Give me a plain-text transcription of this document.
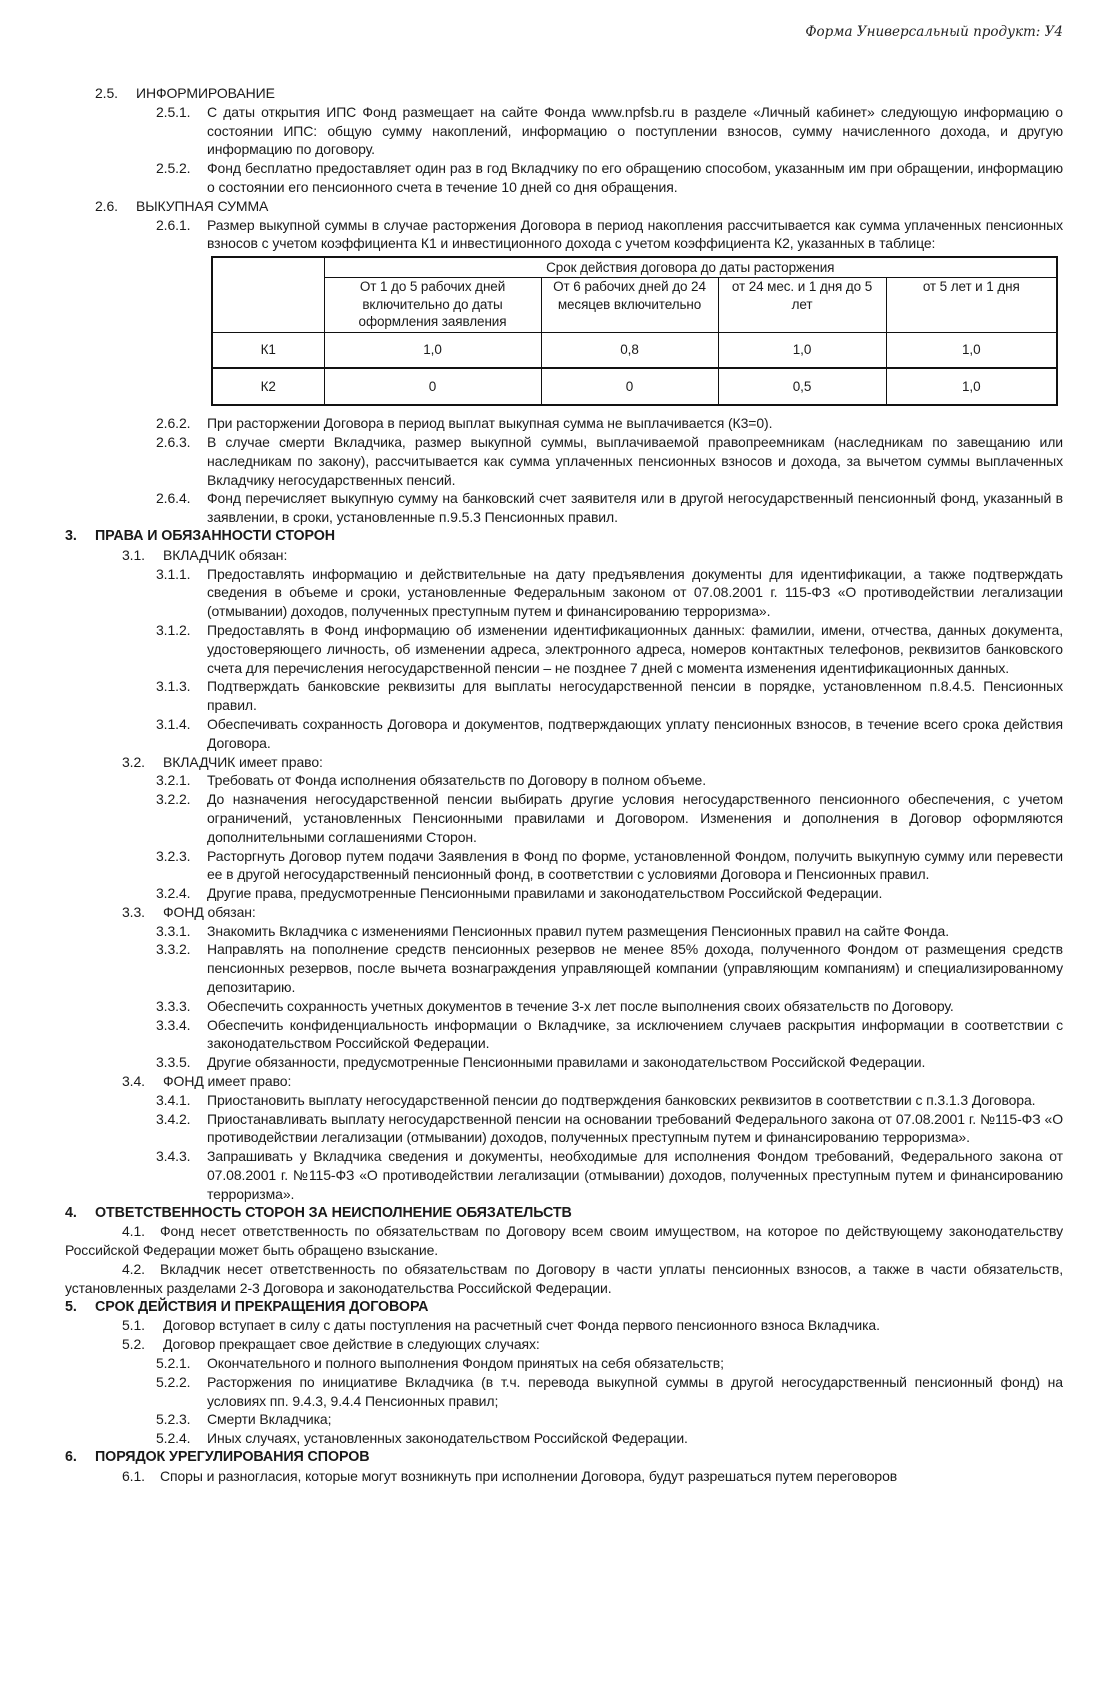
Форма Универсальный продукт: У4
2.5. ИНФОРМИРОВАНИЕ
2.5.1. С даты открытия ИПС Фонд размещает на сайте Фонда www.npfsb.ru в разделе «Личный кабинет» следующую информацию о состоянии ИПС: общую сумму накоплений, информацию о поступлении взносов, сумму начисленного дохода, и другую информацию по договору.
2.5.2. Фонд бесплатно предоставляет один раз в год Вкладчику по его обращению способом, указанным им при обращении, информацию о состоянии его пенсионного счета в течение 10 дней со дня обращения.
2.6. ВЫКУПНАЯ СУММА
2.6.1. Размер выкупной суммы в случае расторжения Договора в период накопления рассчитывается как сумма уплаченных пенсионных взносов с учетом коэффициента К1 и инвестиционного дохода с учетом коэффициента К2, указанных в таблице:
	Срок действия договора до даты расторжения			
	От 1 до 5 рабочих дней включительно до даты оформления заявления	От 6 рабочих дней до 24 месяцев включительно	от 24 мес. и 1 дня до 5 лет	от 5 лет и 1 дня
К1	1,0	0,8	1,0	1,0
К2	0	0	0,5	1,0
2.6.2. При расторжении Договора в период выплат выкупная сумма не выплачивается (К3=0).
2.6.3. В случае смерти Вкладчика, размер выкупной суммы, выплачиваемой правопреемникам (наследникам по завещанию или наследникам по закону), рассчитывается как сумма уплаченных пенсионных взносов и дохода, за вычетом суммы выплаченных Вкладчику негосударственных пенсий.
2.6.4. Фонд перечисляет выкупную сумму на банковский счет заявителя или в другой негосударственный пенсионный фонд, указанный в заявлении, в сроки, установленные п.9.5.3 Пенсионных правил.
3. ПРАВА И ОБЯЗАННОСТИ СТОРОН
3.1. ВКЛАДЧИК обязан:
3.1.1. Предоставлять информацию и действительные на дату предъявления документы для идентификации, а также подтверждать сведения в объеме и сроки, установленные Федеральным законом от 07.08.2001 г. 115-ФЗ «О противодействии легализации (отмывании) доходов, полученных преступным путем и финансированию терроризма».
3.1.2. Предоставлять в Фонд информацию об изменении идентификационных данных: фамилии, имени, отчества, данных документа, удостоверяющего личность, об изменении адреса, электронного адреса, номеров контактных телефонов, реквизитов банковского счета для перечисления негосударственной пенсии – не позднее 7 дней с момента изменения идентификационных данных.
3.1.3. Подтверждать банковские реквизиты для выплаты негосударственной пенсии в порядке, установленном п.8.4.5. Пенсионных правил.
3.1.4. Обеспечивать сохранность Договора и документов, подтверждающих уплату пенсионных взносов, в течение всего срока действия Договора.
3.2. ВКЛАДЧИК имеет право:
3.2.1. Требовать от Фонда исполнения обязательств по Договору в полном объеме.
3.2.2. До назначения негосударственной пенсии выбирать другие условия негосударственного пенсионного обеспечения, с учетом ограничений, установленных Пенсионными правилами и Договором. Изменения и дополнения в Договор оформляются дополнительными соглашениями Сторон.
3.2.3. Расторгнуть Договор путем подачи Заявления в Фонд по форме, установленной Фондом, получить выкупную сумму или перевести ее в другой негосударственный пенсионный фонд, в соответствии с условиями Договора и Пенсионных правил.
3.2.4. Другие права, предусмотренные Пенсионными правилами и законодательством Российской Федерации.
3.3. ФОНД обязан:
3.3.1. Знакомить Вкладчика с изменениями Пенсионных правил путем размещения Пенсионных правил на сайте Фонда.
3.3.2. Направлять на пополнение средств пенсионных резервов не менее 85% дохода, полученного Фондом от размещения средств пенсионных резервов, после вычета вознаграждения управляющей компании (управляющим компаниям) и специализированному депозитарию.
3.3.3. Обеспечить сохранность учетных документов в течение 3-х лет после выполнения своих обязательств по Договору.
3.3.4. Обеспечить конфиденциальность информации о Вкладчике, за исключением случаев раскрытия информации в соответствии с законодательством Российской Федерации.
3.3.5. Другие обязанности, предусмотренные Пенсионными правилами и законодательством Российской Федерации.
3.4. ФОНД имеет право:
3.4.1. Приостановить выплату негосударственной пенсии до подтверждения банковских реквизитов в соответствии с п.3.1.3 Договора.
3.4.2. Приостанавливать выплату негосударственной пенсии на основании требований Федерального закона от 07.08.2001 г. №115-ФЗ «О противодействии легализации (отмывании) доходов, полученных преступным путем и финансированию терроризма».
3.4.3. Запрашивать у Вкладчика сведения и документы, необходимые для исполнения Фондом требований, Федерального закона от 07.08.2001 г. №115-ФЗ «О противодействии легализации (отмывании) доходов, полученных преступным путем и финансированию терроризма».
4. ОТВЕТСТВЕННОСТЬ СТОРОН ЗА НЕИСПОЛНЕНИЕ ОБЯЗАТЕЛЬСТВ
4.1. Фонд несет ответственность по обязательствам по Договору всем своим имуществом, на которое по действующему законодательству Российской Федерации может быть обращено взыскание.
4.2. Вкладчик несет ответственность по обязательствам по Договору в части уплаты пенсионных взносов, а также в части обязательств, установленных разделами 2-3 Договора и законодательства Российской Федерации.
5. СРОК ДЕЙСТВИЯ И ПРЕКРАЩЕНИЯ ДОГОВОРА
5.1. Договор вступает в силу с даты поступления на расчетный счет Фонда первого пенсионного взноса Вкладчика.
5.2. Договор прекращает свое действие в следующих случаях:
5.2.1. Окончательного и полного выполнения Фондом принятых на себя обязательств;
5.2.2. Расторжения по инициативе Вкладчика (в т.ч. перевода выкупной суммы в другой негосударственный пенсионный фонд) на условиях пп. 9.4.3, 9.4.4 Пенсионных правил;
5.2.3. Смерти Вкладчика;
5.2.4. Иных случаях, установленных законодательством Российской Федерации.
6. ПОРЯДОК УРЕГУЛИРОВАНИЯ СПОРОВ
6.1. Споры и разногласия, которые могут возникнуть при исполнении Договора, будут разрешаться путем переговоров
